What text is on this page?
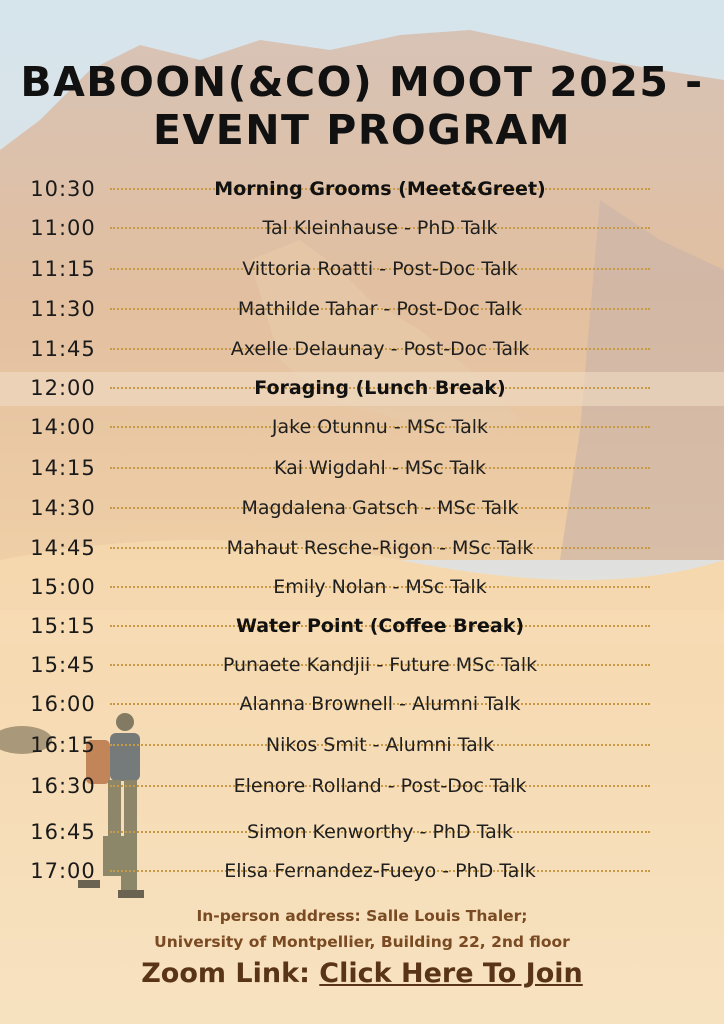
BABOON(&CO) MOOT 2025 -
EVENT PROGRAM
10:30	Morning Grooms (Meet&Greet)
11:00	Tal Kleinhause - PhD Talk
11:15	Vittoria Roatti - Post-Doc Talk
11:30	Mathilde Tahar - Post-Doc Talk
11:45	Axelle Delaunay - Post-Doc Talk
12:00	Foraging (Lunch Break)
14:00	Jake Otunnu - MSc Talk
14:15	Kai Wigdahl - MSc Talk
14:30	Magdalena Gatsch - MSc Talk
14:45	Mahaut Resche-Rigon - MSc Talk
15:00	Emily Nolan - MSc Talk
15:15	Water Point (Coffee Break)
15:45	Punaete Kandjii - Future MSc Talk
16:00	Alanna Brownell - Alumni Talk
16:15	Nikos Smit - Alumni Talk
16:30	Elenore Rolland - Post-Doc Talk
16:45	Simon Kenworthy - PhD Talk
17:00	Elisa Fernandez-Fueyo - PhD Talk
In-person address: Salle Louis Thaler;
University of Montpellier, Building 22, 2nd floor
Zoom Link: Click Here To Join
